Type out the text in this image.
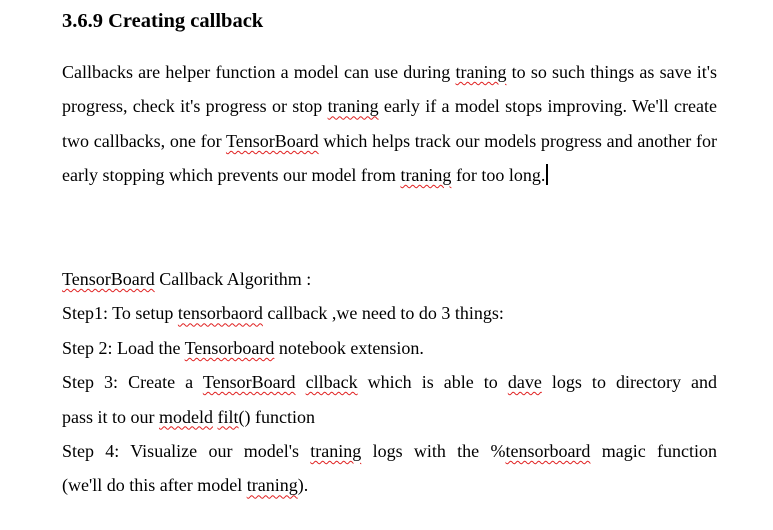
3.6.9 Creating callback
Callbacks are helper function a model can use during traning to so such things as save it's progress, check it's progress or stop traning early if a model stops improving. We'll create two callbacks, one for TensorBoard which helps track our models progress and another for early stopping which prevents our model from traning for too long.
TensorBoard Callback Algorithm :
Step1: To setup tensorbaord callback ,we need to do 3 things:
Step 2: Load the Tensorboard notebook extension.
Step 3: Create a TensorBoard cllback which is able to dave logs to directory and
pass it to our modeld filt() function
Step 4: Visualize our model's traning logs with the %tensorboard magic function
(we'll do this after model traning).
